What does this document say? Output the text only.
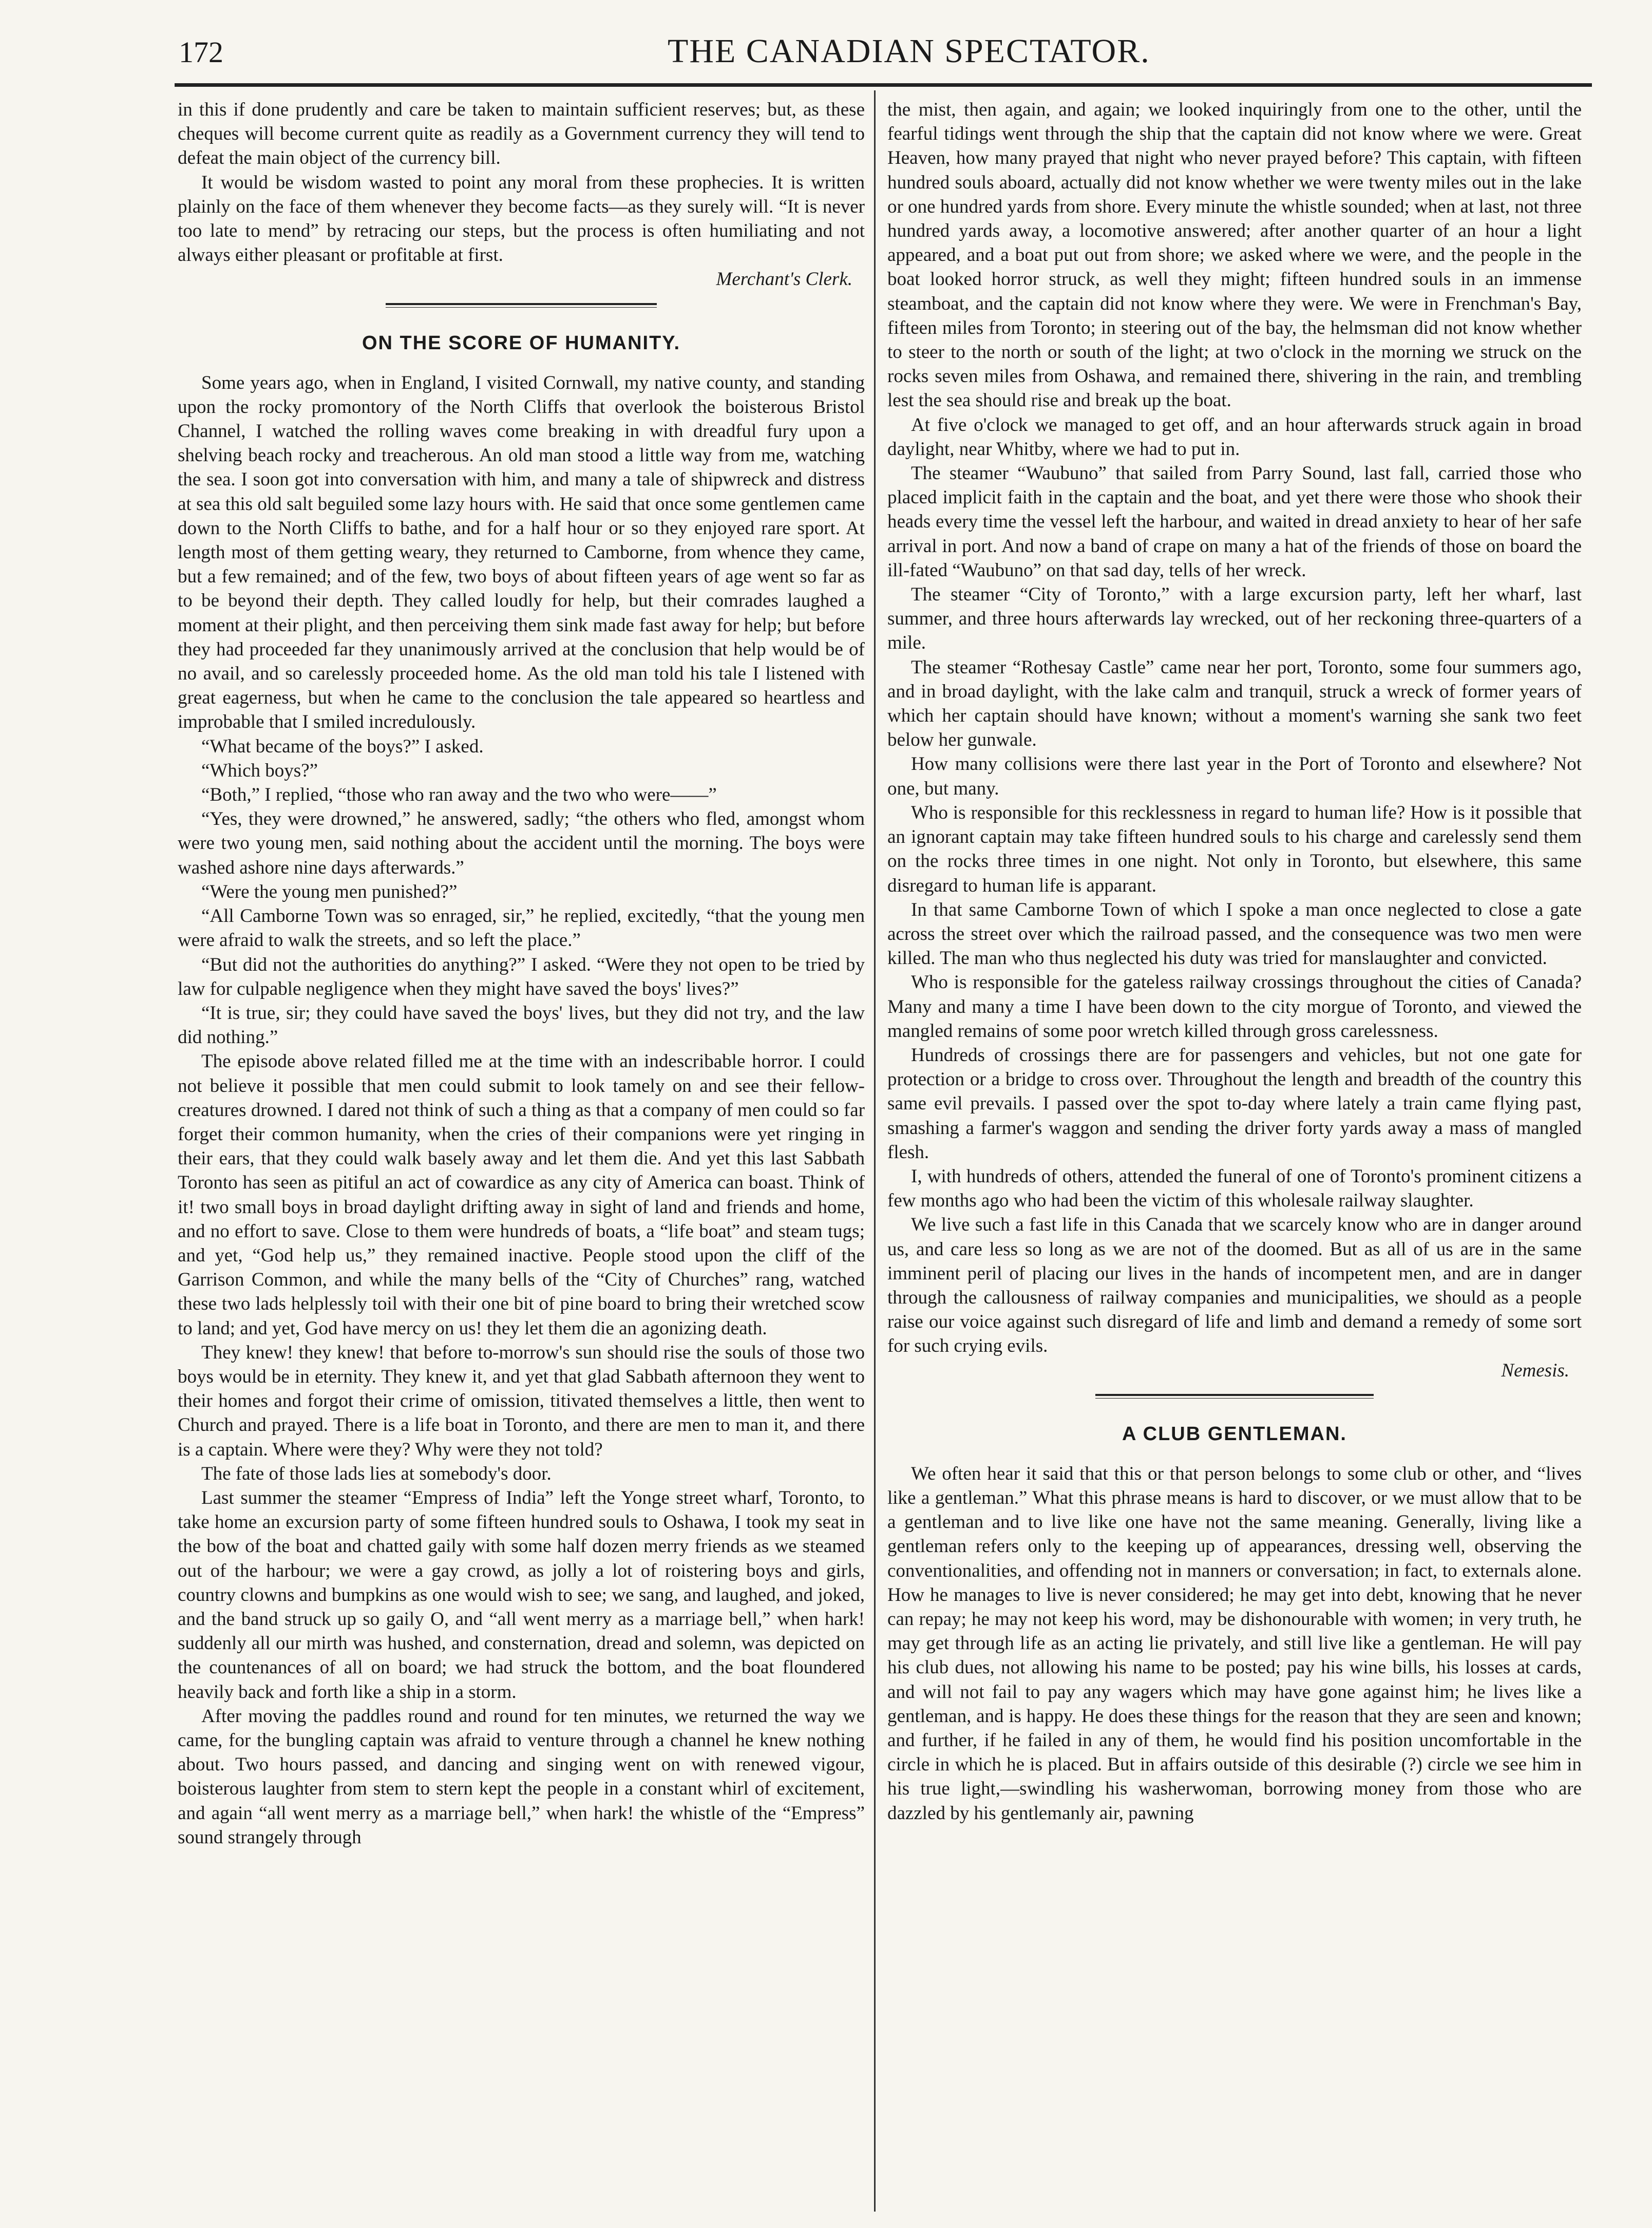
172	THE CANADIAN SPECTATOR.

in this if done prudently and care be taken to maintain sufficient reserves; but, as these cheques will become current quite as readily as a Government currency they will tend to defeat the main object of the currency bill.

It would be wisdom wasted to point any moral from these prophecies. It is written plainly on the face of them whenever they become facts—as they surely will. “It is never too late to mend” by retracing our steps, but the process is often humiliating and not always either pleasant or profitable at first.

Merchant's Clerk.

ON THE SCORE OF HUMANITY.

Some years ago, when in England, I visited Cornwall, my native county, and standing upon the rocky promontory of the North Cliffs that overlook the boisterous Bristol Channel, I watched the rolling waves come breaking in with dreadful fury upon a shelving beach rocky and treacherous. An old man stood a little way from me, watching the sea. I soon got into conversation with him, and many a tale of shipwreck and distress at sea this old salt beguiled some lazy hours with. He said that once some gentlemen came down to the North Cliffs to bathe, and for a half hour or so they enjoyed rare sport. At length most of them getting weary, they returned to Camborne, from whence they came, but a few remained; and of the few, two boys of about fifteen years of age went so far as to be beyond their depth. They called loudly for help, but their comrades laughed a moment at their plight, and then perceiving them sink made fast away for help; but before they had proceeded far they unanimously arrived at the conclusion that help would be of no avail, and so carelessly proceeded home. As the old man told his tale I listened with great eagerness, but when he came to the conclusion the tale appeared so heartless and improbable that I smiled incredulously.

“What became of the boys?” I asked.

“Which boys?”

“Both,” I replied, “those who ran away and the two who were——”

“Yes, they were drowned,” he answered, sadly; “the others who fled, amongst whom were two young men, said nothing about the accident until the morning. The boys were washed ashore nine days afterwards.”

“Were the young men punished?”

“All Camborne Town was so enraged, sir,” he replied, excitedly, “that the young men were afraid to walk the streets, and so left the place.”

“But did not the authorities do anything?” I asked. “Were they not open to be tried by law for culpable negligence when they might have saved the boys' lives?”

“It is true, sir; they could have saved the boys' lives, but they did not try, and the law did nothing.”

The episode above related filled me at the time with an indescribable horror. I could not believe it possible that men could submit to look tamely on and see their fellow-creatures drowned. I dared not think of such a thing as that a company of men could so far forget their common humanity, when the cries of their companions were yet ringing in their ears, that they could walk basely away and let them die. And yet this last Sabbath Toronto has seen as pitiful an act of cowardice as any city of America can boast. Think of it! two small boys in broad daylight drifting away in sight of land and friends and home, and no effort to save. Close to them were hundreds of boats, a “life boat” and steam tugs; and yet, “God help us,” they remained inactive. People stood upon the cliff of the Garrison Common, and while the many bells of the “City of Churches” rang, watched these two lads helplessly toil with their one bit of pine board to bring their wretched scow to land; and yet, God have mercy on us! they let them die an agonizing death.

They knew! they knew! that before to-morrow's sun should rise the souls of those two boys would be in eternity. They knew it, and yet that glad Sabbath afternoon they went to their homes and forgot their crime of omission, titivated themselves a little, then went to Church and prayed. There is a life boat in Toronto, and there are men to man it, and there is a captain. Where were they? Why were they not told?

The fate of those lads lies at somebody's door.

Last summer the steamer “Empress of India” left the Yonge street wharf, Toronto, to take home an excursion party of some fifteen hundred souls to Oshawa, I took my seat in the bow of the boat and chatted gaily with some half dozen merry friends as we steamed out of the harbour; we were a gay crowd, as jolly a lot of roistering boys and girls, country clowns and bumpkins as one would wish to see; we sang, and laughed, and joked, and the band struck up so gaily O, and “all went merry as a marriage bell,” when hark! suddenly all our mirth was hushed, and consternation, dread and solemn, was depicted on the countenances of all on board; we had struck the bottom, and the boat floundered heavily back and forth like a ship in a storm.

After moving the paddles round and round for ten minutes, we returned the way we came, for the bungling captain was afraid to venture through a channel he knew nothing about. Two hours passed, and dancing and singing went on with renewed vigour, boisterous laughter from stem to stern kept the people in a constant whirl of excitement, and again “all went merry as a marriage bell,” when hark! the whistle of the “Empress” sound strangely through

the mist, then again, and again; we looked inquiringly from one to the other, until the fearful tidings went through the ship that the captain did not know where we were. Great Heaven, how many prayed that night who never prayed before? This captain, with fifteen hundred souls aboard, actually did not know whether we were twenty miles out in the lake or one hundred yards from shore. Every minute the whistle sounded; when at last, not three hundred yards away, a locomotive answered; after another quarter of an hour a light appeared, and a boat put out from shore; we asked where we were, and the people in the boat looked horror struck, as well they might; fifteen hundred souls in an immense steamboat, and the captain did not know where they were. We were in Frenchman's Bay, fifteen miles from Toronto; in steering out of the bay, the helmsman did not know whether to steer to the north or south of the light; at two o'clock in the morning we struck on the rocks seven miles from Oshawa, and remained there, shivering in the rain, and trembling lest the sea should rise and break up the boat.

At five o'clock we managed to get off, and an hour afterwards struck again in broad daylight, near Whitby, where we had to put in.

The steamer “Waubuno” that sailed from Parry Sound, last fall, carried those who placed implicit faith in the captain and the boat, and yet there were those who shook their heads every time the vessel left the harbour, and waited in dread anxiety to hear of her safe arrival in port. And now a band of crape on many a hat of the friends of those on board the ill-fated “Waubuno” on that sad day, tells of her wreck.

The steamer “City of Toronto,” with a large excursion party, left her wharf, last summer, and three hours afterwards lay wrecked, out of her reckoning three-quarters of a mile.

The steamer “Rothesay Castle” came near her port, Toronto, some four summers ago, and in broad daylight, with the lake calm and tranquil, struck a wreck of former years of which her captain should have known; without a moment's warning she sank two feet below her gunwale.

How many collisions were there last year in the Port of Toronto and elsewhere? Not one, but many.

Who is responsible for this recklessness in regard to human life? How is it possible that an ignorant captain may take fifteen hundred souls to his charge and carelessly send them on the rocks three times in one night. Not only in Toronto, but elsewhere, this same disregard to human life is apparant.

In that same Camborne Town of which I spoke a man once neglected to close a gate across the street over which the railroad passed, and the consequence was two men were killed. The man who thus neglected his duty was tried for manslaughter and convicted.

Who is responsible for the gateless railway crossings throughout the cities of Canada? Many and many a time I have been down to the city morgue of Toronto, and viewed the mangled remains of some poor wretch killed through gross carelessness.

Hundreds of crossings there are for passengers and vehicles, but not one gate for protection or a bridge to cross over. Throughout the length and breadth of the country this same evil prevails. I passed over the spot to-day where lately a train came flying past, smashing a farmer's waggon and sending the driver forty yards away a mass of mangled flesh.

I, with hundreds of others, attended the funeral of one of Toronto's prominent citizens a few months ago who had been the victim of this wholesale railway slaughter.

We live such a fast life in this Canada that we scarcely know who are in danger around us, and care less so long as we are not of the doomed. But as all of us are in the same imminent peril of placing our lives in the hands of incompetent men, and are in danger through the callousness of railway companies and municipalities, we should as a people raise our voice against such disregard of life and limb and demand a remedy of some sort for such crying evils.

Nemesis.

A CLUB GENTLEMAN.

We often hear it said that this or that person belongs to some club or other, and “lives like a gentleman.” What this phrase means is hard to discover, or we must allow that to be a gentleman and to live like one have not the same meaning. Generally, living like a gentleman refers only to the keeping up of appearances, dressing well, observing the conventionalities, and offending not in manners or conversation; in fact, to externals alone. How he manages to live is never considered; he may get into debt, knowing that he never can repay; he may not keep his word, may be dishonourable with women; in very truth, he may get through life as an acting lie privately, and still live like a gentleman. He will pay his club dues, not allowing his name to be posted; pay his wine bills, his losses at cards, and will not fail to pay any wagers which may have gone against him; he lives like a gentleman, and is happy. He does these things for the reason that they are seen and known; and further, if he failed in any of them, he would find his position uncomfortable in the circle in which he is placed. But in affairs outside of this desirable (?) circle we see him in his true light,—swindling his washerwoman, borrowing money from those who are dazzled by his gentlemanly air, pawning
